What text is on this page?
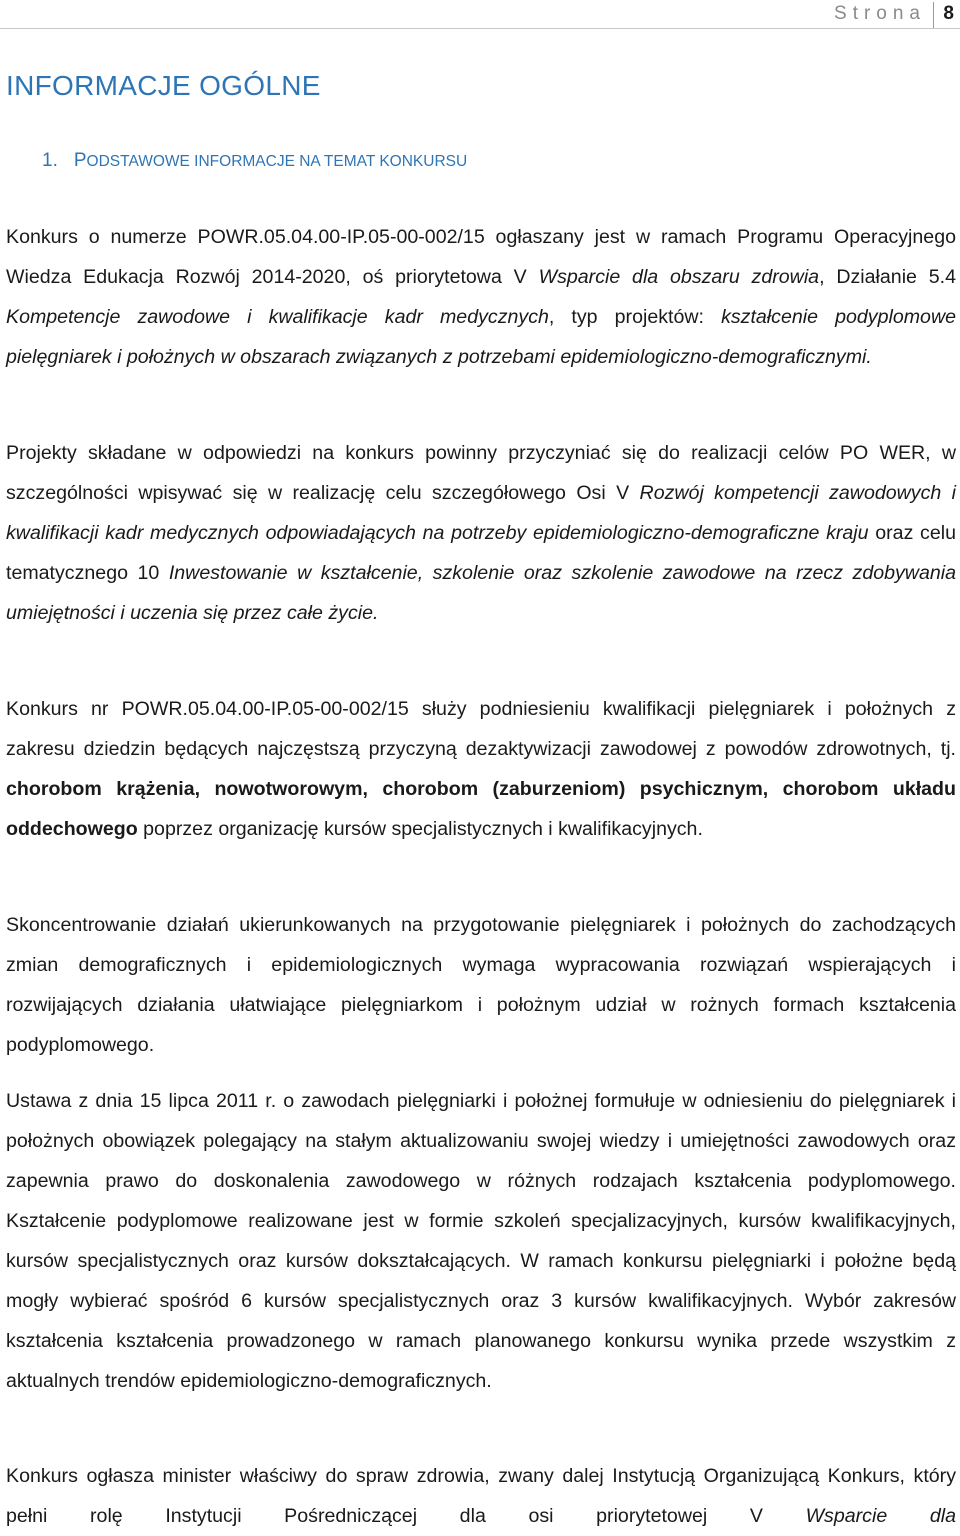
Strona 8
INFORMACJE OGÓLNE
1. PODSTAWOWE INFORMACJE NA TEMAT KONKURSU

Konkurs o numerze POWR.05.04.00-IP.05-00-002/15 ogłaszany jest w ramach Programu Operacyjnego Wiedza Edukacja Rozwój 2014-2020, oś priorytetowa V Wsparcie dla obszaru zdrowia, Działanie 5.4 Kompetencje zawodowe i kwalifikacje kadr medycznych, typ projektów: kształcenie podyplomowe pielęgniarek i położnych w obszarach związanych z potrzebami epidemiologiczno-demograficznymi.

Projekty składane w odpowiedzi na konkurs powinny przyczyniać się do realizacji celów PO WER, w szczególności wpisywać się w realizację celu szczegółowego Osi V Rozwój kompetencji zawodowych i kwalifikacji kadr medycznych odpowiadających na potrzeby epidemiologiczno-demograficzne kraju oraz celu tematycznego 10 Inwestowanie w kształcenie, szkolenie oraz szkolenie zawodowe na rzecz zdobywania umiejętności i uczenia się przez całe życie.

Konkurs nr POWR.05.04.00-IP.05-00-002/15 służy podniesieniu kwalifikacji pielęgniarek i położnych z zakresu dziedzin będących najczęstszą przyczyną dezaktywizacji zawodowej z powodów zdrowotnych, tj. chorobom krążenia, nowotworowym, chorobom (zaburzeniom) psychicznym, chorobom układu oddechowego poprzez organizację kursów specjalistycznych i kwalifikacyjnych.

Skoncentrowanie działań ukierunkowanych na przygotowanie pielęgniarek i położnych do zachodzących zmian demograficznych i epidemiologicznych wymaga wypracowania rozwiązań wspierających i rozwijających działania ułatwiające pielęgniarkom i położnym udział w rożnych formach kształcenia podyplomowego.

Ustawa z dnia 15 lipca 2011 r. o zawodach pielęgniarki i położnej formułuje w odniesieniu do pielęgniarek i położnych obowiązek polegający na stałym aktualizowaniu swojej wiedzy i umiejętności zawodowych oraz zapewnia prawo do doskonalenia zawodowego w różnych rodzajach kształcenia podyplomowego. Kształcenie podyplomowe realizowane jest w formie szkoleń specjalizacyjnych, kursów kwalifikacyjnych, kursów specjalistycznych oraz kursów dokształcających. W ramach konkursu pielęgniarki i położne będą mogły wybierać spośród 6 kursów specjalistycznych oraz 3 kursów kwalifikacyjnych. Wybór zakresów kształcenia kształcenia prowadzonego w ramach planowanego konkursu wynika przede wszystkim z aktualnych trendów epidemiologiczno-demograficznych.

Konkurs ogłasza minister właściwy do spraw zdrowia, zwany dalej Instytucją Organizującą Konkurs, który pełni rolę Instytucji Pośredniczącej dla osi priorytetowej V Wsparcie dla
